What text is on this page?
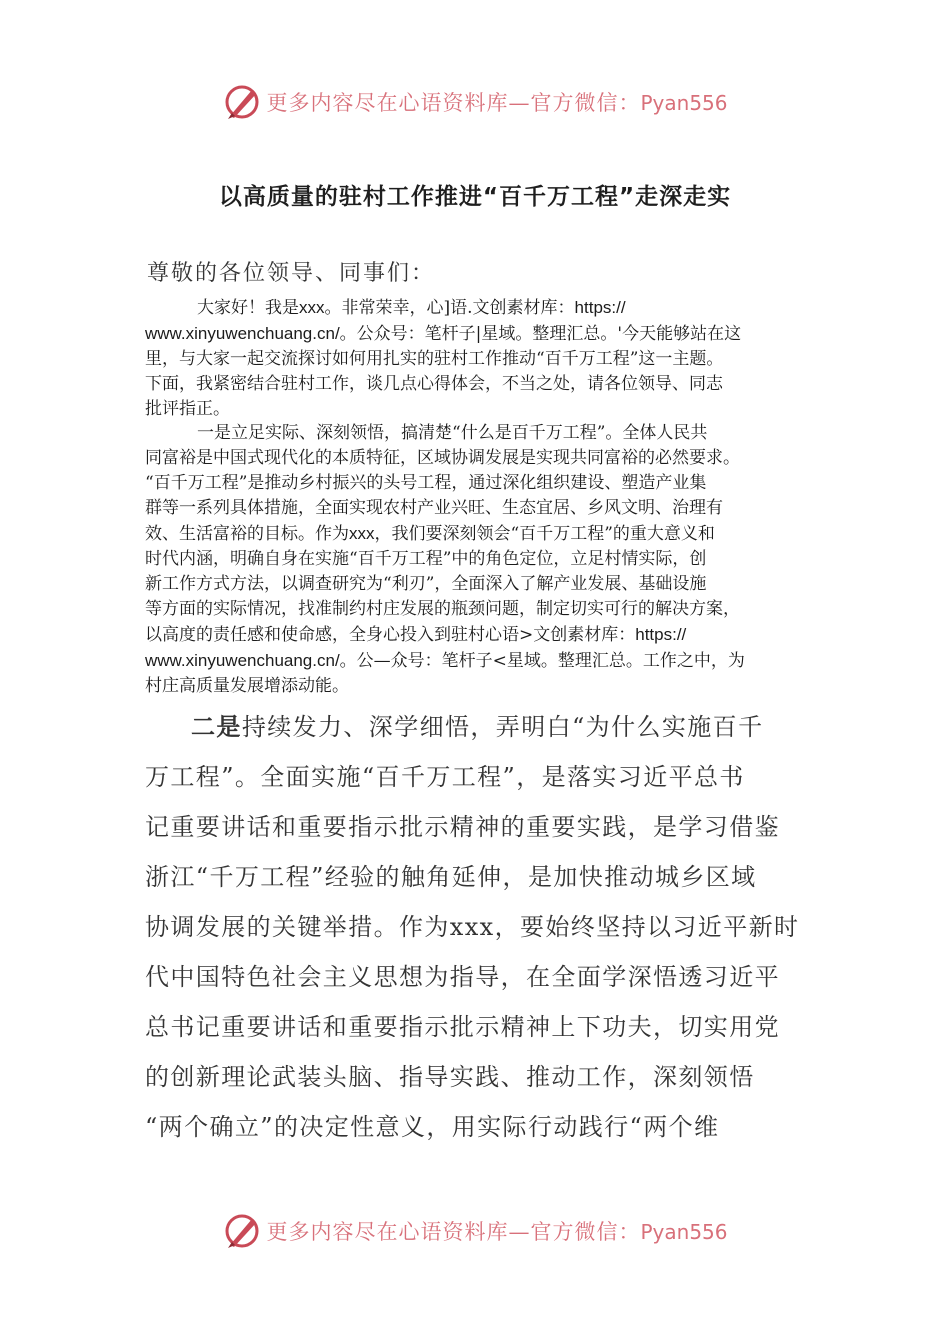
更多内容尽在心语资料库—官方微信：Pyan556
以高质量的驻村工作推进“百千万工程”走深走实

尊敬的各位领导、同事们：

大家好！我是xxx。非常荣幸，心]语.文创素材库：https://
www.xinyuwenchuang.cn/。公众号：笔杆子|星域。整理汇总。'今天能够站在这
里，与大家一起交流探讨如何用扎实的驻村工作推动“百千万工程”这一主题。
下面，我紧密结合驻村工作，谈几点心得体会，不当之处，请各位领导、同志
批评指正。
一是立足实际、深刻领悟，搞清楚“什么是百千万工程”。全体人民共
同富裕是中国式现代化的本质特征，区域协调发展是实现共同富裕的必然要求。
“百千万工程”是推动乡村振兴的头号工程，通过深化组织建设、塑造产业集
群等一系列具体措施，全面实现农村产业兴旺、生态宜居、乡风文明、治理有
效、生活富裕的目标。作为xxx，我们要深刻领会“百千万工程”的重大意义和
时代内涵，明确自身在实施“百千万工程”中的角色定位，立足村情实际，创
新工作方式方法，以调查研究为“利刃”，全面深入了解产业发展、基础设施
等方面的实际情况，找准制约村庄发展的瓶颈问题，制定切实可行的解决方案，
以高度的责任感和使命感，全身心投入到驻村心语>文创素材库：https://
www.xinyuwenchuang.cn/。公—众号：笔杆子<星域。整理汇总。工作之中，为
村庄高质量发展增添动能。
二是持续发力、深学细悟，弄明白“为什么实施百千
万工程”。全面实施“百千万工程”，是落实习近平总书
记重要讲话和重要指示批示精神的重要实践，是学习借鉴
浙江“千万工程”经验的触角延伸，是加快推动城乡区域
协调发展的关键举措。作为xxx，要始终坚持以习近平新时
代中国特色社会主义思想为指导，在全面学深悟透习近平
总书记重要讲话和重要指示批示精神上下功夫，切实用党
的创新理论武装头脑、指导实践、推动工作，深刻领悟
“两个确立”的决定性意义，用实际行动践行“两个维
更多内容尽在心语资料库—官方微信：Pyan556
